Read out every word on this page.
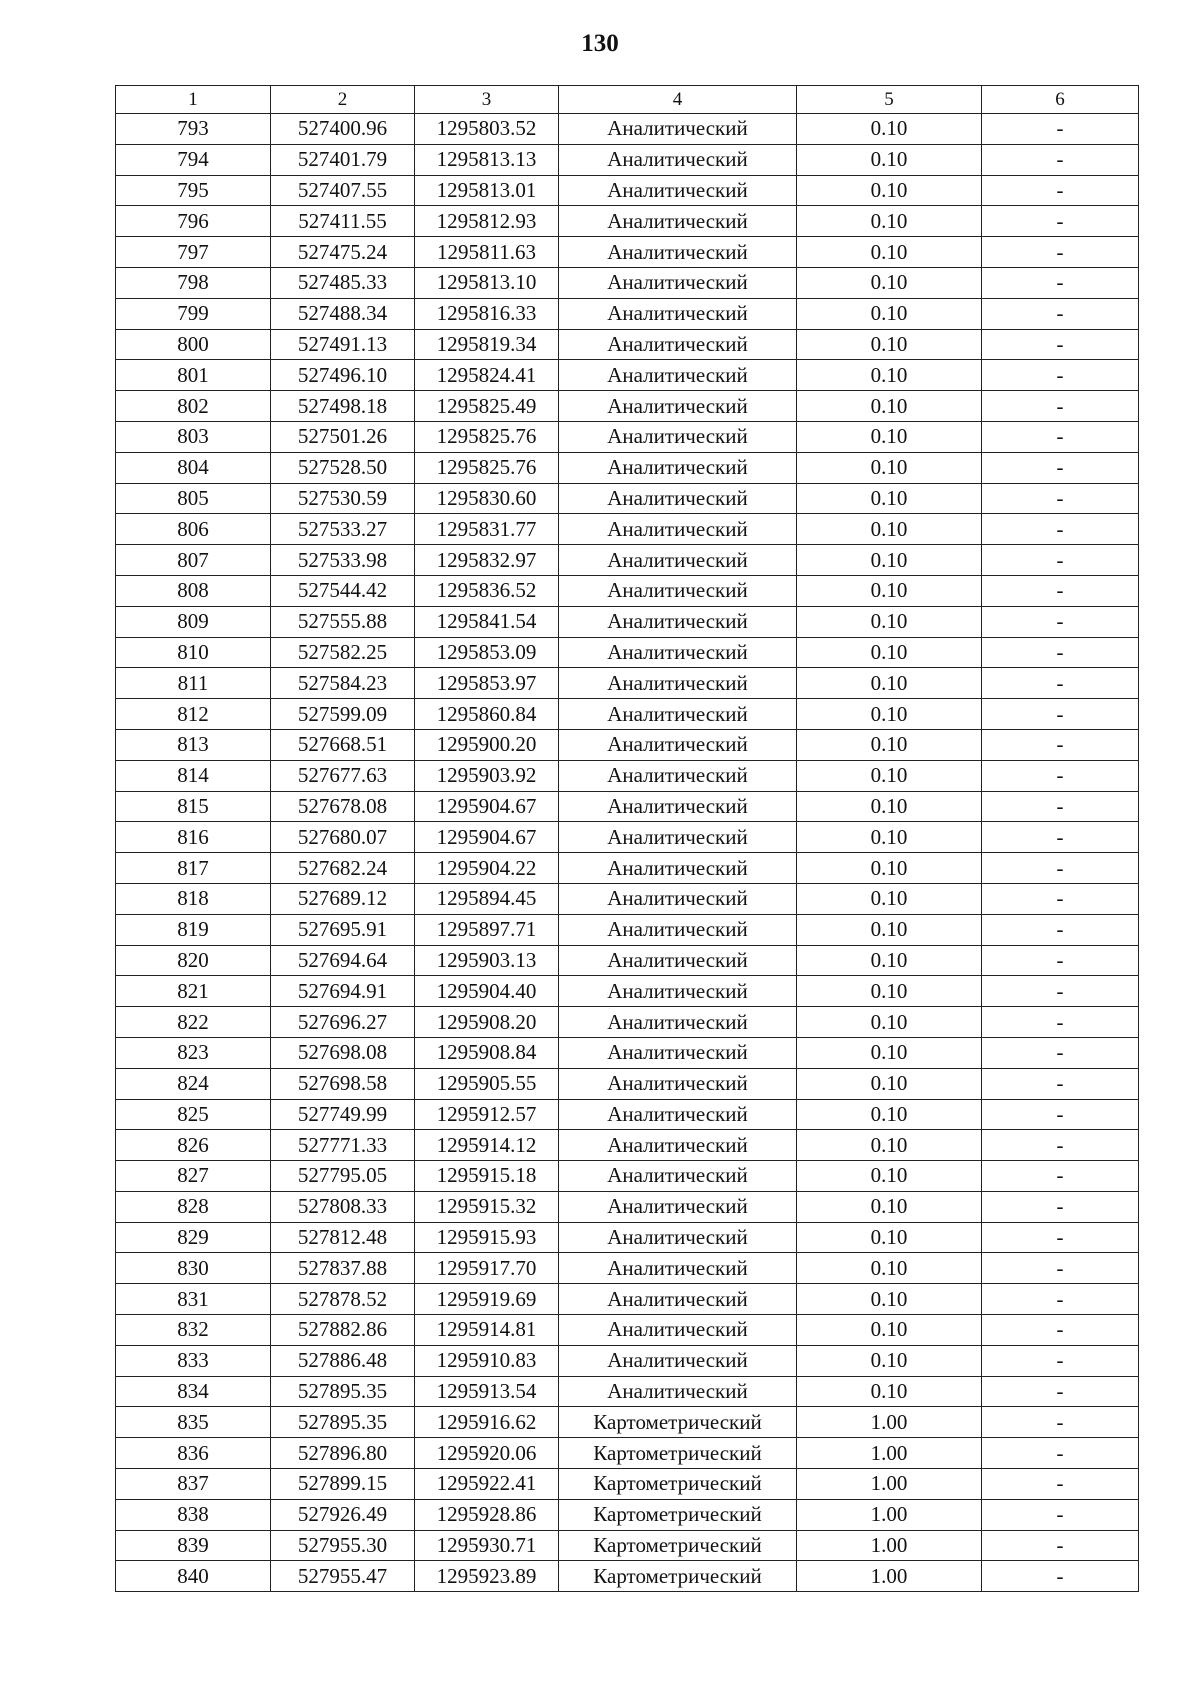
130
1	2	3	4	5	6
793	527400.96	1295803.52	Аналитический	0.10	-
794	527401.79	1295813.13	Аналитический	0.10	-
795	527407.55	1295813.01	Аналитический	0.10	-
796	527411.55	1295812.93	Аналитический	0.10	-
797	527475.24	1295811.63	Аналитический	0.10	-
798	527485.33	1295813.10	Аналитический	0.10	-
799	527488.34	1295816.33	Аналитический	0.10	-
800	527491.13	1295819.34	Аналитический	0.10	-
801	527496.10	1295824.41	Аналитический	0.10	-
802	527498.18	1295825.49	Аналитический	0.10	-
803	527501.26	1295825.76	Аналитический	0.10	-
804	527528.50	1295825.76	Аналитический	0.10	-
805	527530.59	1295830.60	Аналитический	0.10	-
806	527533.27	1295831.77	Аналитический	0.10	-
807	527533.98	1295832.97	Аналитический	0.10	-
808	527544.42	1295836.52	Аналитический	0.10	-
809	527555.88	1295841.54	Аналитический	0.10	-
810	527582.25	1295853.09	Аналитический	0.10	-
811	527584.23	1295853.97	Аналитический	0.10	-
812	527599.09	1295860.84	Аналитический	0.10	-
813	527668.51	1295900.20	Аналитический	0.10	-
814	527677.63	1295903.92	Аналитический	0.10	-
815	527678.08	1295904.67	Аналитический	0.10	-
816	527680.07	1295904.67	Аналитический	0.10	-
817	527682.24	1295904.22	Аналитический	0.10	-
818	527689.12	1295894.45	Аналитический	0.10	-
819	527695.91	1295897.71	Аналитический	0.10	-
820	527694.64	1295903.13	Аналитический	0.10	-
821	527694.91	1295904.40	Аналитический	0.10	-
822	527696.27	1295908.20	Аналитический	0.10	-
823	527698.08	1295908.84	Аналитический	0.10	-
824	527698.58	1295905.55	Аналитический	0.10	-
825	527749.99	1295912.57	Аналитический	0.10	-
826	527771.33	1295914.12	Аналитический	0.10	-
827	527795.05	1295915.18	Аналитический	0.10	-
828	527808.33	1295915.32	Аналитический	0.10	-
829	527812.48	1295915.93	Аналитический	0.10	-
830	527837.88	1295917.70	Аналитический	0.10	-
831	527878.52	1295919.69	Аналитический	0.10	-
832	527882.86	1295914.81	Аналитический	0.10	-
833	527886.48	1295910.83	Аналитический	0.10	-
834	527895.35	1295913.54	Аналитический	0.10	-
835	527895.35	1295916.62	Картометрический	1.00	-
836	527896.80	1295920.06	Картометрический	1.00	-
837	527899.15	1295922.41	Картометрический	1.00	-
838	527926.49	1295928.86	Картометрический	1.00	-
839	527955.30	1295930.71	Картометрический	1.00	-
840	527955.47	1295923.89	Картометрический	1.00	-
